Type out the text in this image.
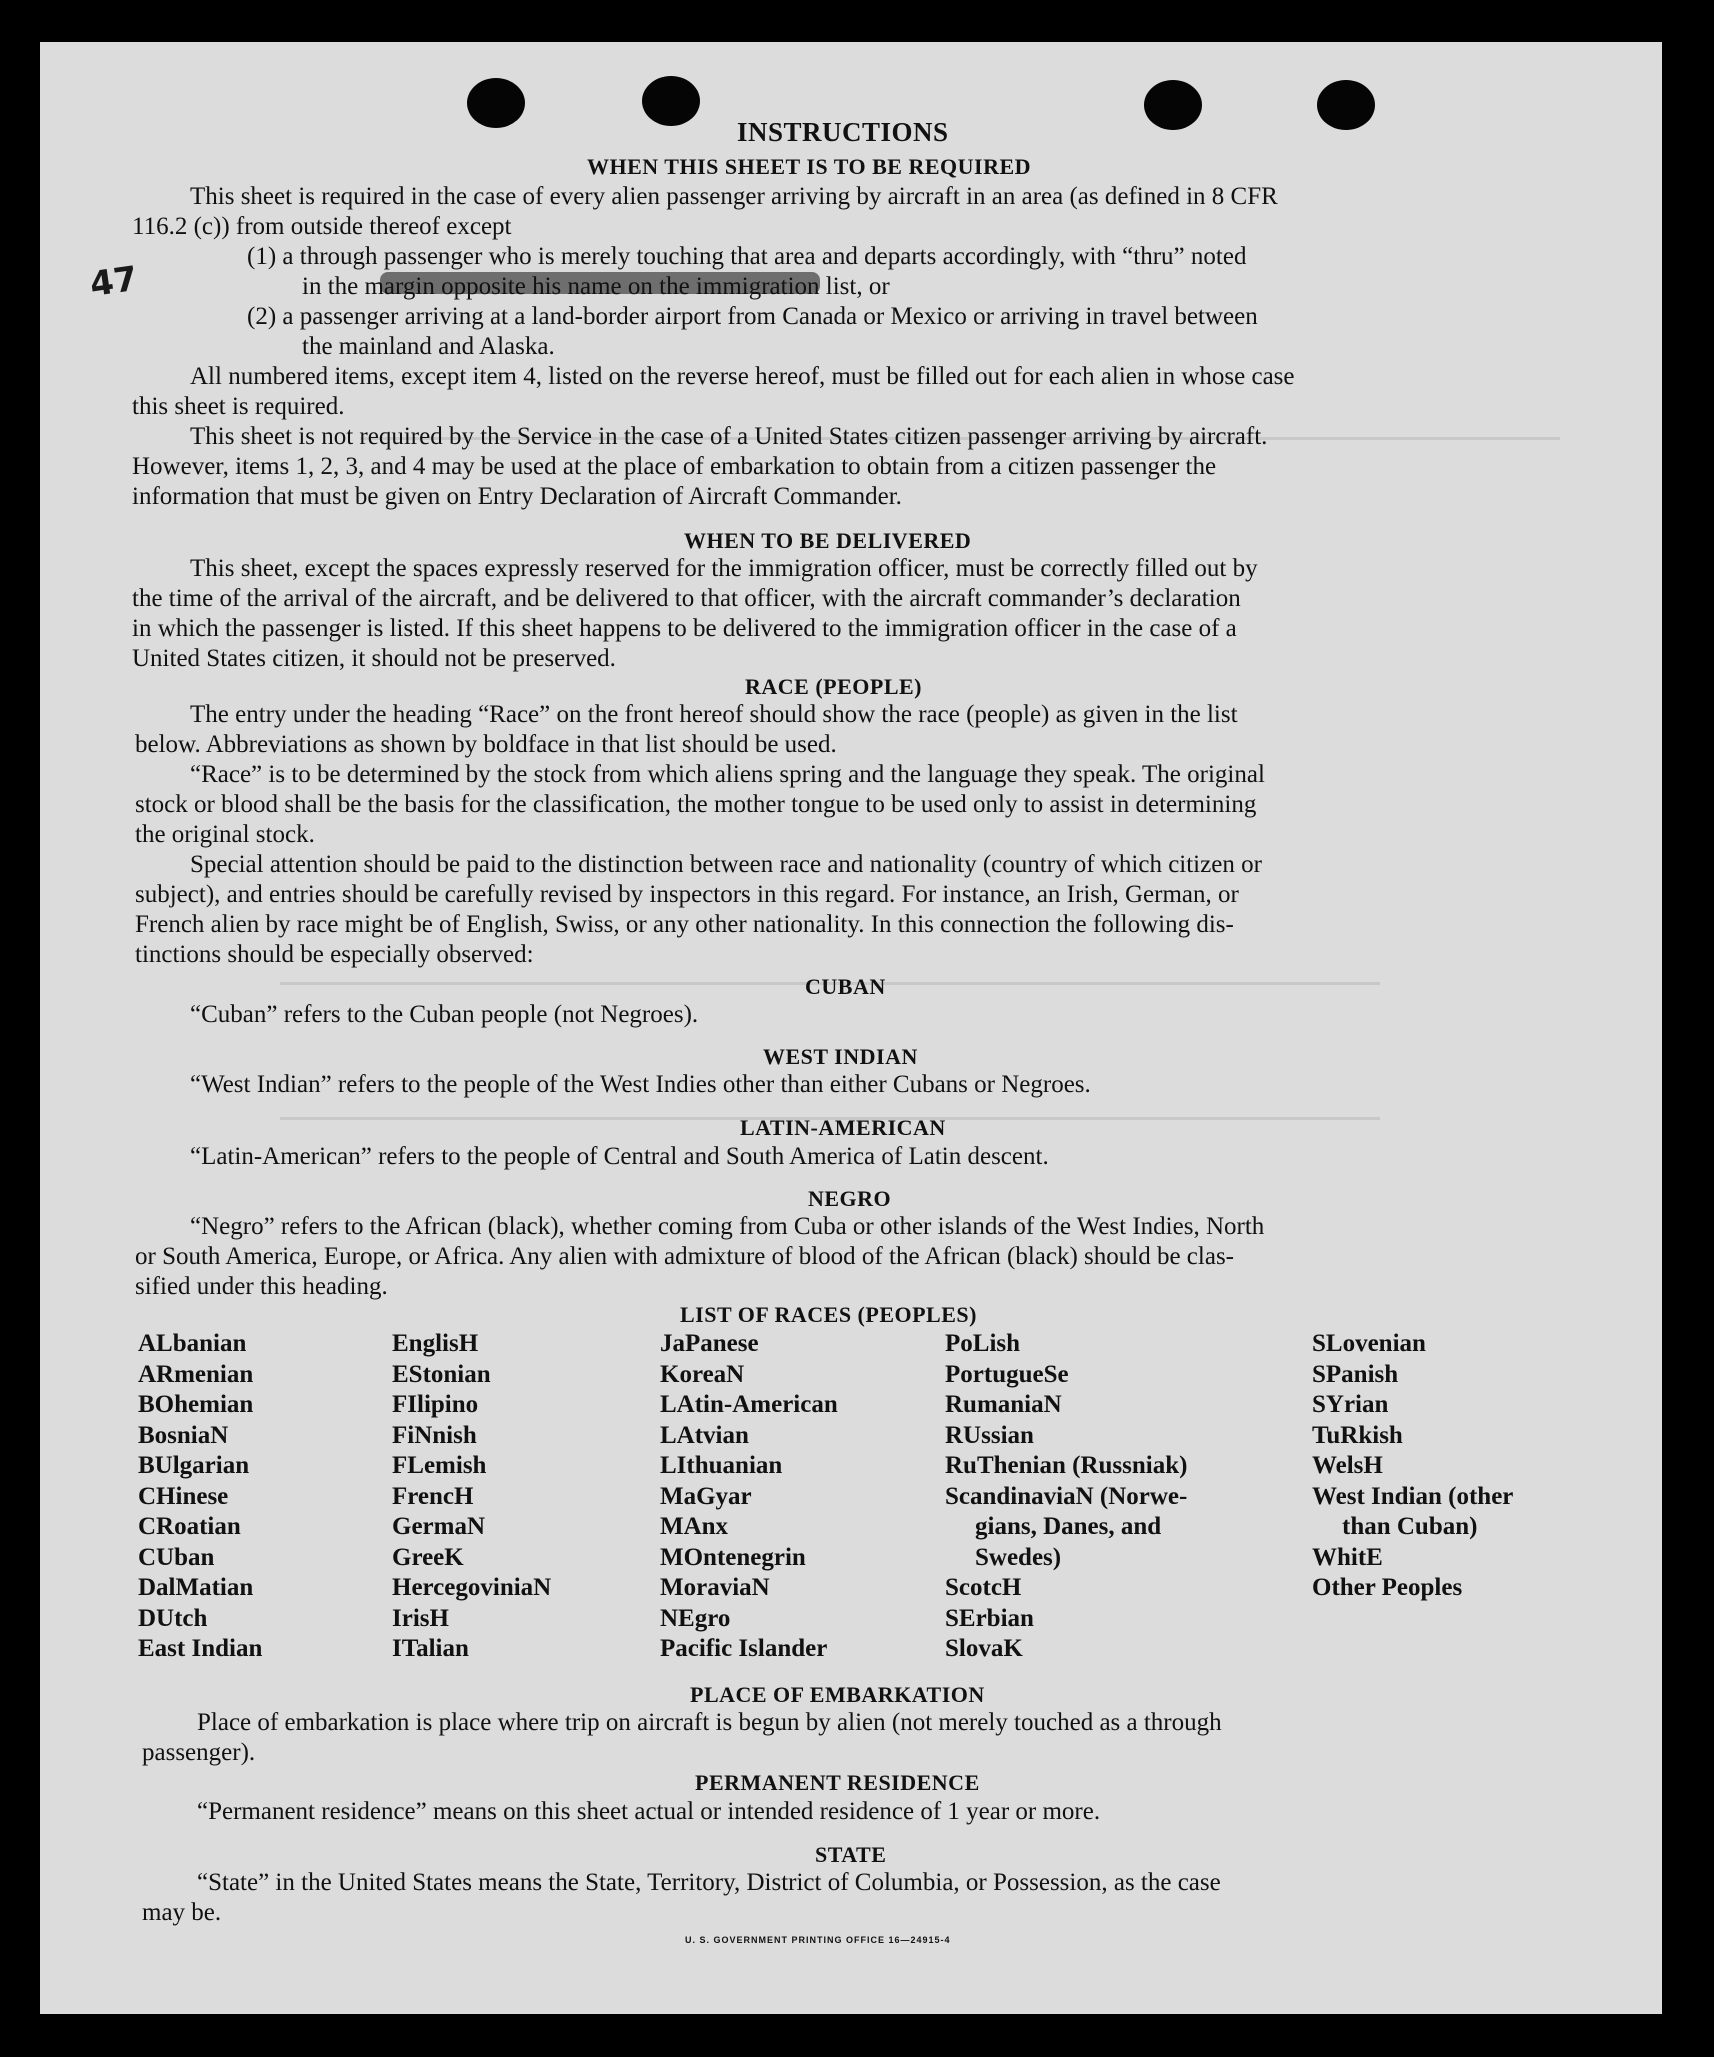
47
INSTRUCTIONS
WHEN THIS SHEET IS TO BE REQUIRED
This sheet is required in the case of every alien passenger arriving by aircraft in an area (as defined in 8 CFR
116.2 (c)) from outside thereof except
(1) a through passenger who is merely touching that area and departs accordingly, with “thru” noted
in the margin opposite his name on the immigration list, or
(2) a passenger arriving at a land-border airport from Canada or Mexico or arriving in travel between
the mainland and Alaska.
All numbered items, except item 4, listed on the reverse hereof, must be filled out for each alien in whose case
this sheet is required.
This sheet is not required by the Service in the case of a United States citizen passenger arriving by aircraft.
However, items 1, 2, 3, and 4 may be used at the place of embarkation to obtain from a citizen passenger the
information that must be given on Entry Declaration of Aircraft Commander.
WHEN TO BE DELIVERED
This sheet, except the spaces expressly reserved for the immigration officer, must be correctly filled out by
the time of the arrival of the aircraft, and be delivered to that officer, with the aircraft commander’s declaration
in which the passenger is listed. If this sheet happens to be delivered to the immigration officer in the case of a
United States citizen, it should not be preserved.
RACE (PEOPLE)
The entry under the heading “Race” on the front hereof should show the race (people) as given in the list
below. Abbreviations as shown by boldface in that list should be used.
“Race” is to be determined by the stock from which aliens spring and the language they speak. The original
stock or blood shall be the basis for the classification, the mother tongue to be used only to assist in determining
the original stock.
Special attention should be paid to the distinction between race and nationality (country of which citizen or
subject), and entries should be carefully revised by inspectors in this regard. For instance, an Irish, German, or
French alien by race might be of English, Swiss, or any other nationality. In this connection the following dis-
tinctions should be especially observed:
CUBAN
“Cuban” refers to the Cuban people (not Negroes).
WEST INDIAN
“West Indian” refers to the people of the West Indies other than either Cubans or Negroes.
LATIN-AMERICAN
“Latin-American” refers to the people of Central and South America of Latin descent.
NEGRO
“Negro” refers to the African (black), whether coming from Cuba or other islands of the West Indies, North
or South America, Europe, or Africa. Any alien with admixture of blood of the African (black) should be clas-
sified under this heading.
LIST OF RACES (PEOPLES)
ALbanian
ARmenian
BOhemian
BosniaN
BUlgarian
CHinese
CRoatian
CUban
DalMatian
DUtch
East Indian
EnglisH
EStonian
FIlipino
FiNnish
FLemish
FrencH
GermaN
GreeK
HercegoviniaN
IrisH
ITalian
JaPanese
KoreaN
LAtin-American
LAtvian
LIthuanian
MaGyar
MAnx
MOntenegrin
MoraviaN
NEgro
Pacific Islander
PoLish
PortugueSe
RumaniaN
RUssian
RuThenian (Russniak)
ScandinaviaN (Norwe-
gians, Danes, and
Swedes)
ScotcH
SErbian
SlovaK
SLovenian
SPanish
SYrian
TuRkish
WelsH
West Indian (other
than Cuban)
WhitE
Other Peoples
PLACE OF EMBARKATION
Place of embarkation is place where trip on aircraft is begun by alien (not merely touched as a through
passenger).
PERMANENT RESIDENCE
“Permanent residence” means on this sheet actual or intended residence of 1 year or more.
STATE
“State” in the United States means the State, Territory, District of Columbia, or Possession, as the case
may be.
U. S. GOVERNMENT PRINTING OFFICE 16—24915-4
